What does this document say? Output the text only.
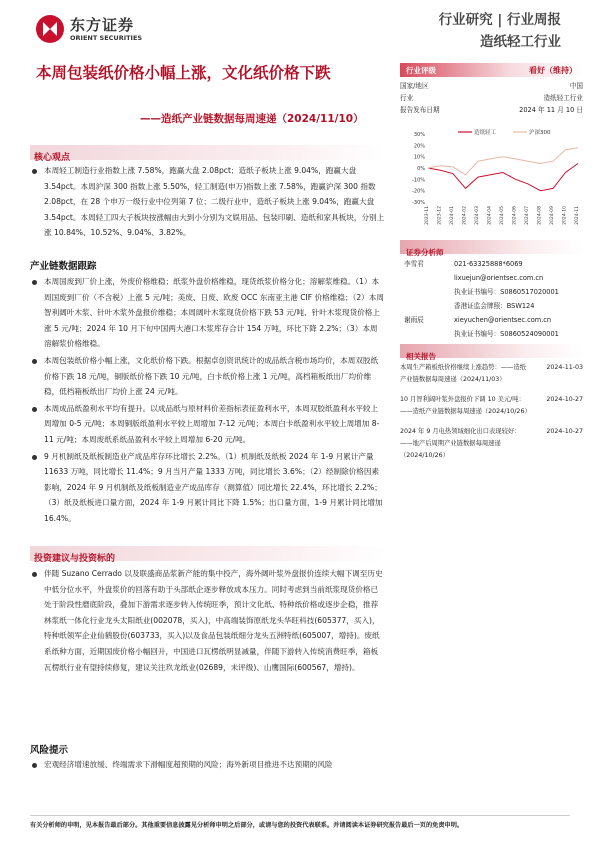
东方证券
ORIENT SECURITIES
行业研究 | 行业周报
造纸轻工行业
本周包装纸价格小幅上涨，文化纸价格下跌
——造纸产业链数据每周速递（2024/11/10）
行业评级	看好（维持）
国家/地区	中国
行业	造纸轻工行业
报告发布日期	2024 年 11 月 10 日
30%
20%
10%
0%
-10%
-20%
-30%
2023-11 2023-12 2024-01 2024-02 2024-03 2024-04 2024-05 2024-06 2024-07 2024-08 2024-09 2024-10 2024-11
造纸轻工	沪深300
证券分析师
李雪君	021-63325888*6069
lixuejun@orientsec.com.cn
执业证书编号：S0860517020001
香港证监会牌照：BSW124
谢雨辰	xieyuchen@orientsec.com.cn
执业证书编号：S0860524090001
相关报告
本周生产箱板纸价格继续上涨趋势：——造纸产业链数据每周速递（2024/11/03）
2024-11-03
10 月智利阔叶浆外盘报价下调 10 美元/吨：——造纸产业链数据每周速递（2024/10/26）
2024-10-27
2024 年 9 月电热领域细化出口表现较好：——地产后周期产业链数据每周速递（2024/10/26）
2024-10-27
核心观点
本周轻工制造行业指数上涨 7.58%，跑赢大盘 2.08pct；造纸子板块上涨 9.04%，跑赢大盘 3.54pct。本周沪深 300 指数上涨 5.50%，轻工制造(申万)指数上涨 7.58%，跑赢沪深 300 指数 2.08pct，在 28 个申万一级行业中位列第 7 位；二级行业中，造纸子板块上涨 9.04%，跑赢大盘 3.54pct。本周轻工四大子板块按涨幅由大到小分别为文娱用品、包装印刷、造纸和家具板块，分别上涨 10.84%、10.52%、9.04%、3.82%。
产业链数据跟踪
本周国废到厂价上涨，外废价格维稳；纸浆外盘价格维稳，现货纸浆价格分化；溶解浆维稳。（1）本周国废到厂价（不含税）上涨 5 元/吨；美废、日废、欧废 OCC 东南亚主港 CIF 价格维稳；（2）本周智利阔叶木浆、针叶木浆外盘报价维稳；本周阔叶木浆现货价格下跌 53 元/吨、针叶木浆现货价格上涨 5 元/吨；2024 年 10 月下旬中国两大港口木浆库存合计 154 万吨，环比下降 2.2%；（3）本周溶解浆价格维稳。
本周包装纸价格小幅上涨，文化纸价格下跌。根据卓创资讯统计的成品纸含税市场均价，本周双胶纸价格下跌 18 元/吨，铜版纸价格下跌 10 元/吨，白卡纸价格上涨 1 元/吨，高档箱板纸出厂均价维稳，低档箱板纸出厂均价上涨 24 元/吨。
本周成品纸盈利水平均有提升。以成品纸与原材料价差指标表征盈利水平，本周双胶纸盈利水平较上周增加 0-5 元/吨；本周铜版纸盈利水平较上周增加 7-12 元/吨；本周白卡纸盈利水平较上周增加 8-11 元/吨；本周废纸系纸品盈利水平较上周增加 6-20 元/吨。
9 月机制纸及纸板制造业产成品库存环比增长 2.2%。（1）机制纸及纸板 2024 年 1-9 月累计产量 11633 万吨，同比增长 11.4%；9 月当月产量 1333 万吨，同比增长 3.6%；（2）经制除价格因素影响，2024 年 9 月机制纸及纸板制造业产成品库存（测算值）同比增长 22.4%，环比增长 2.2%；（3）纸及纸板进口量方面，2024 年 1-9 月累计同比下降 1.5%；出口量方面，1-9 月累计同比增加 16.4%。
投资建议与投资标的
伴随 Suzano Cerrado 以及联盛商品浆新产能的集中投产，海外阔叶浆外盘报价连续大幅下调至历史中低分位水平，外盘浆价的回落有助于头部纸企逐步释放成本压力。同时考虑到当前纸浆现货价格已处于阶段性磨底阶段，叠加下游需求逐步转入传统旺季，预计文化纸、特种纸价格或逐步企稳，推荐林浆纸一体化行业龙头太阳纸业(002078，买入)，中高端装饰原纸龙头华旺科技(605377，买入)，特种纸领军企业仙鹤股份(603733，买入)以及食品包装纸细分龙头五洲特纸(605007，增持)。废纸系纸种方面，近期国废价格小幅回升，中国进口瓦楞纸明显减量，伴随下游转入传统消费旺季，箱板瓦楞纸行业有望持续修复，建议关注玖龙纸业(02689，未评级)、山鹰国际(600567，增持)。
风险提示
宏观经济增速放缓、终端需求下滑幅度超预期的风险；海外新项目推进不达预期的风险
有关分析师的申明，见本报告最后部分。其他重要信息披露见分析师申明之后部分，或请与您的投资代表联系。并请阅读本证券研究报告最后一页的免责申明。
